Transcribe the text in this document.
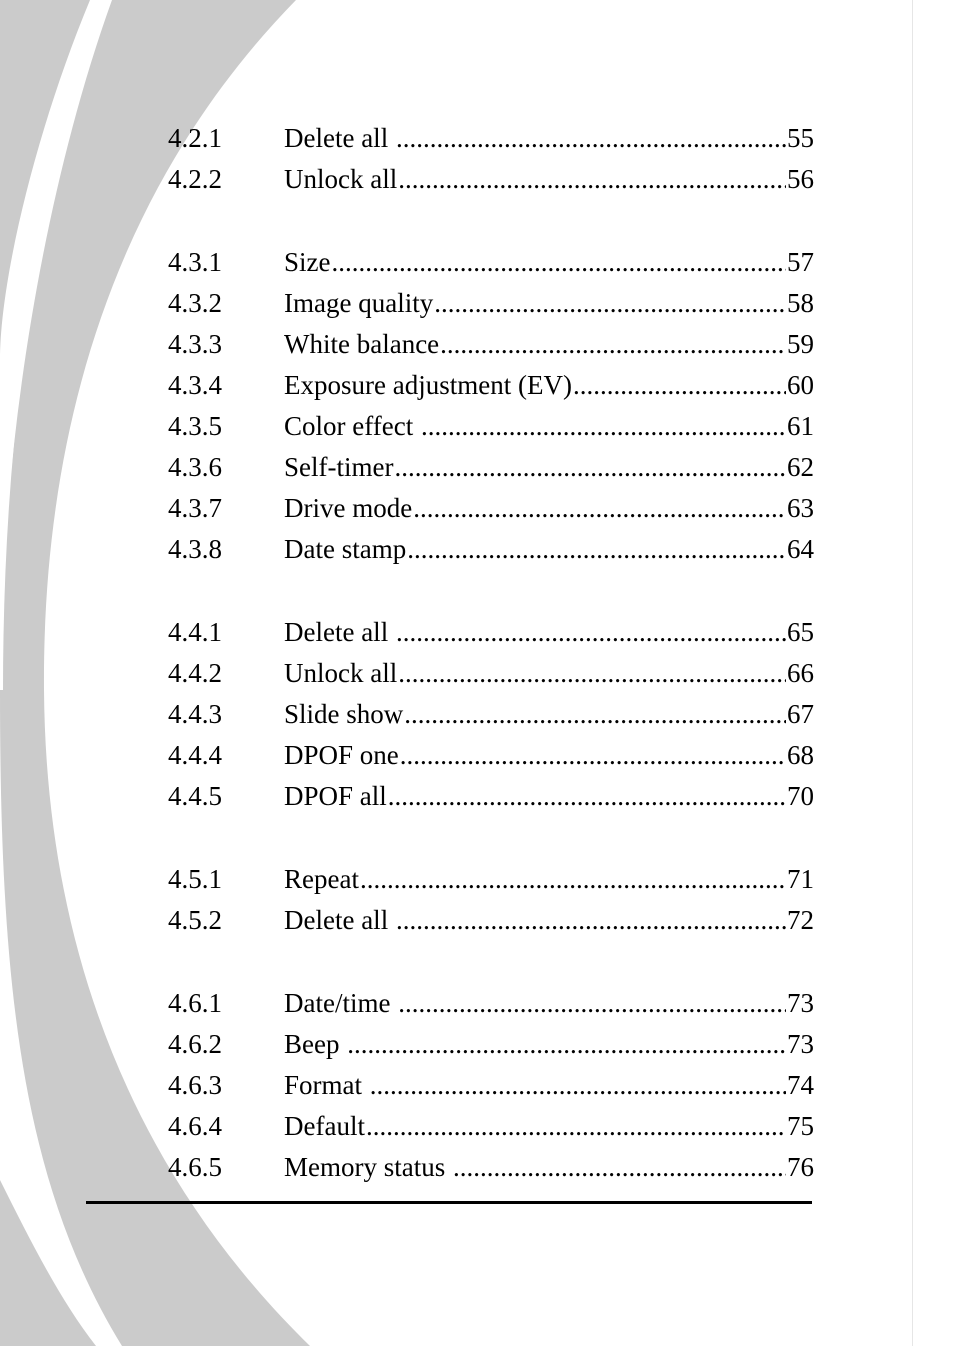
4.2.1	Delete all .....	55
4.2.2	Unlock all .....	56
4.3.1	Size .....	57
4.3.2	Image quality .....	58
4.3.3	White balance .....	59
4.3.4	Exposure adjustment (EV) .....	60
4.3.5	Color effect .....	61
4.3.6	Self-timer .....	62
4.3.7	Drive mode .....	63
4.3.8	Date stamp .....	64
4.4.1	Delete all .....	65
4.4.2	Unlock all .....	66
4.4.3	Slide show .....	67
4.4.4	DPOF one .....	68
4.4.5	DPOF all .....	70
4.5.1	Repeat .....	71
4.5.2	Delete all .....	72
4.6.1	Date/time .....	73
4.6.2	Beep .....	73
4.6.3	Format .....	74
4.6.4	Default .....	75
4.6.5	Memory status .....	76
